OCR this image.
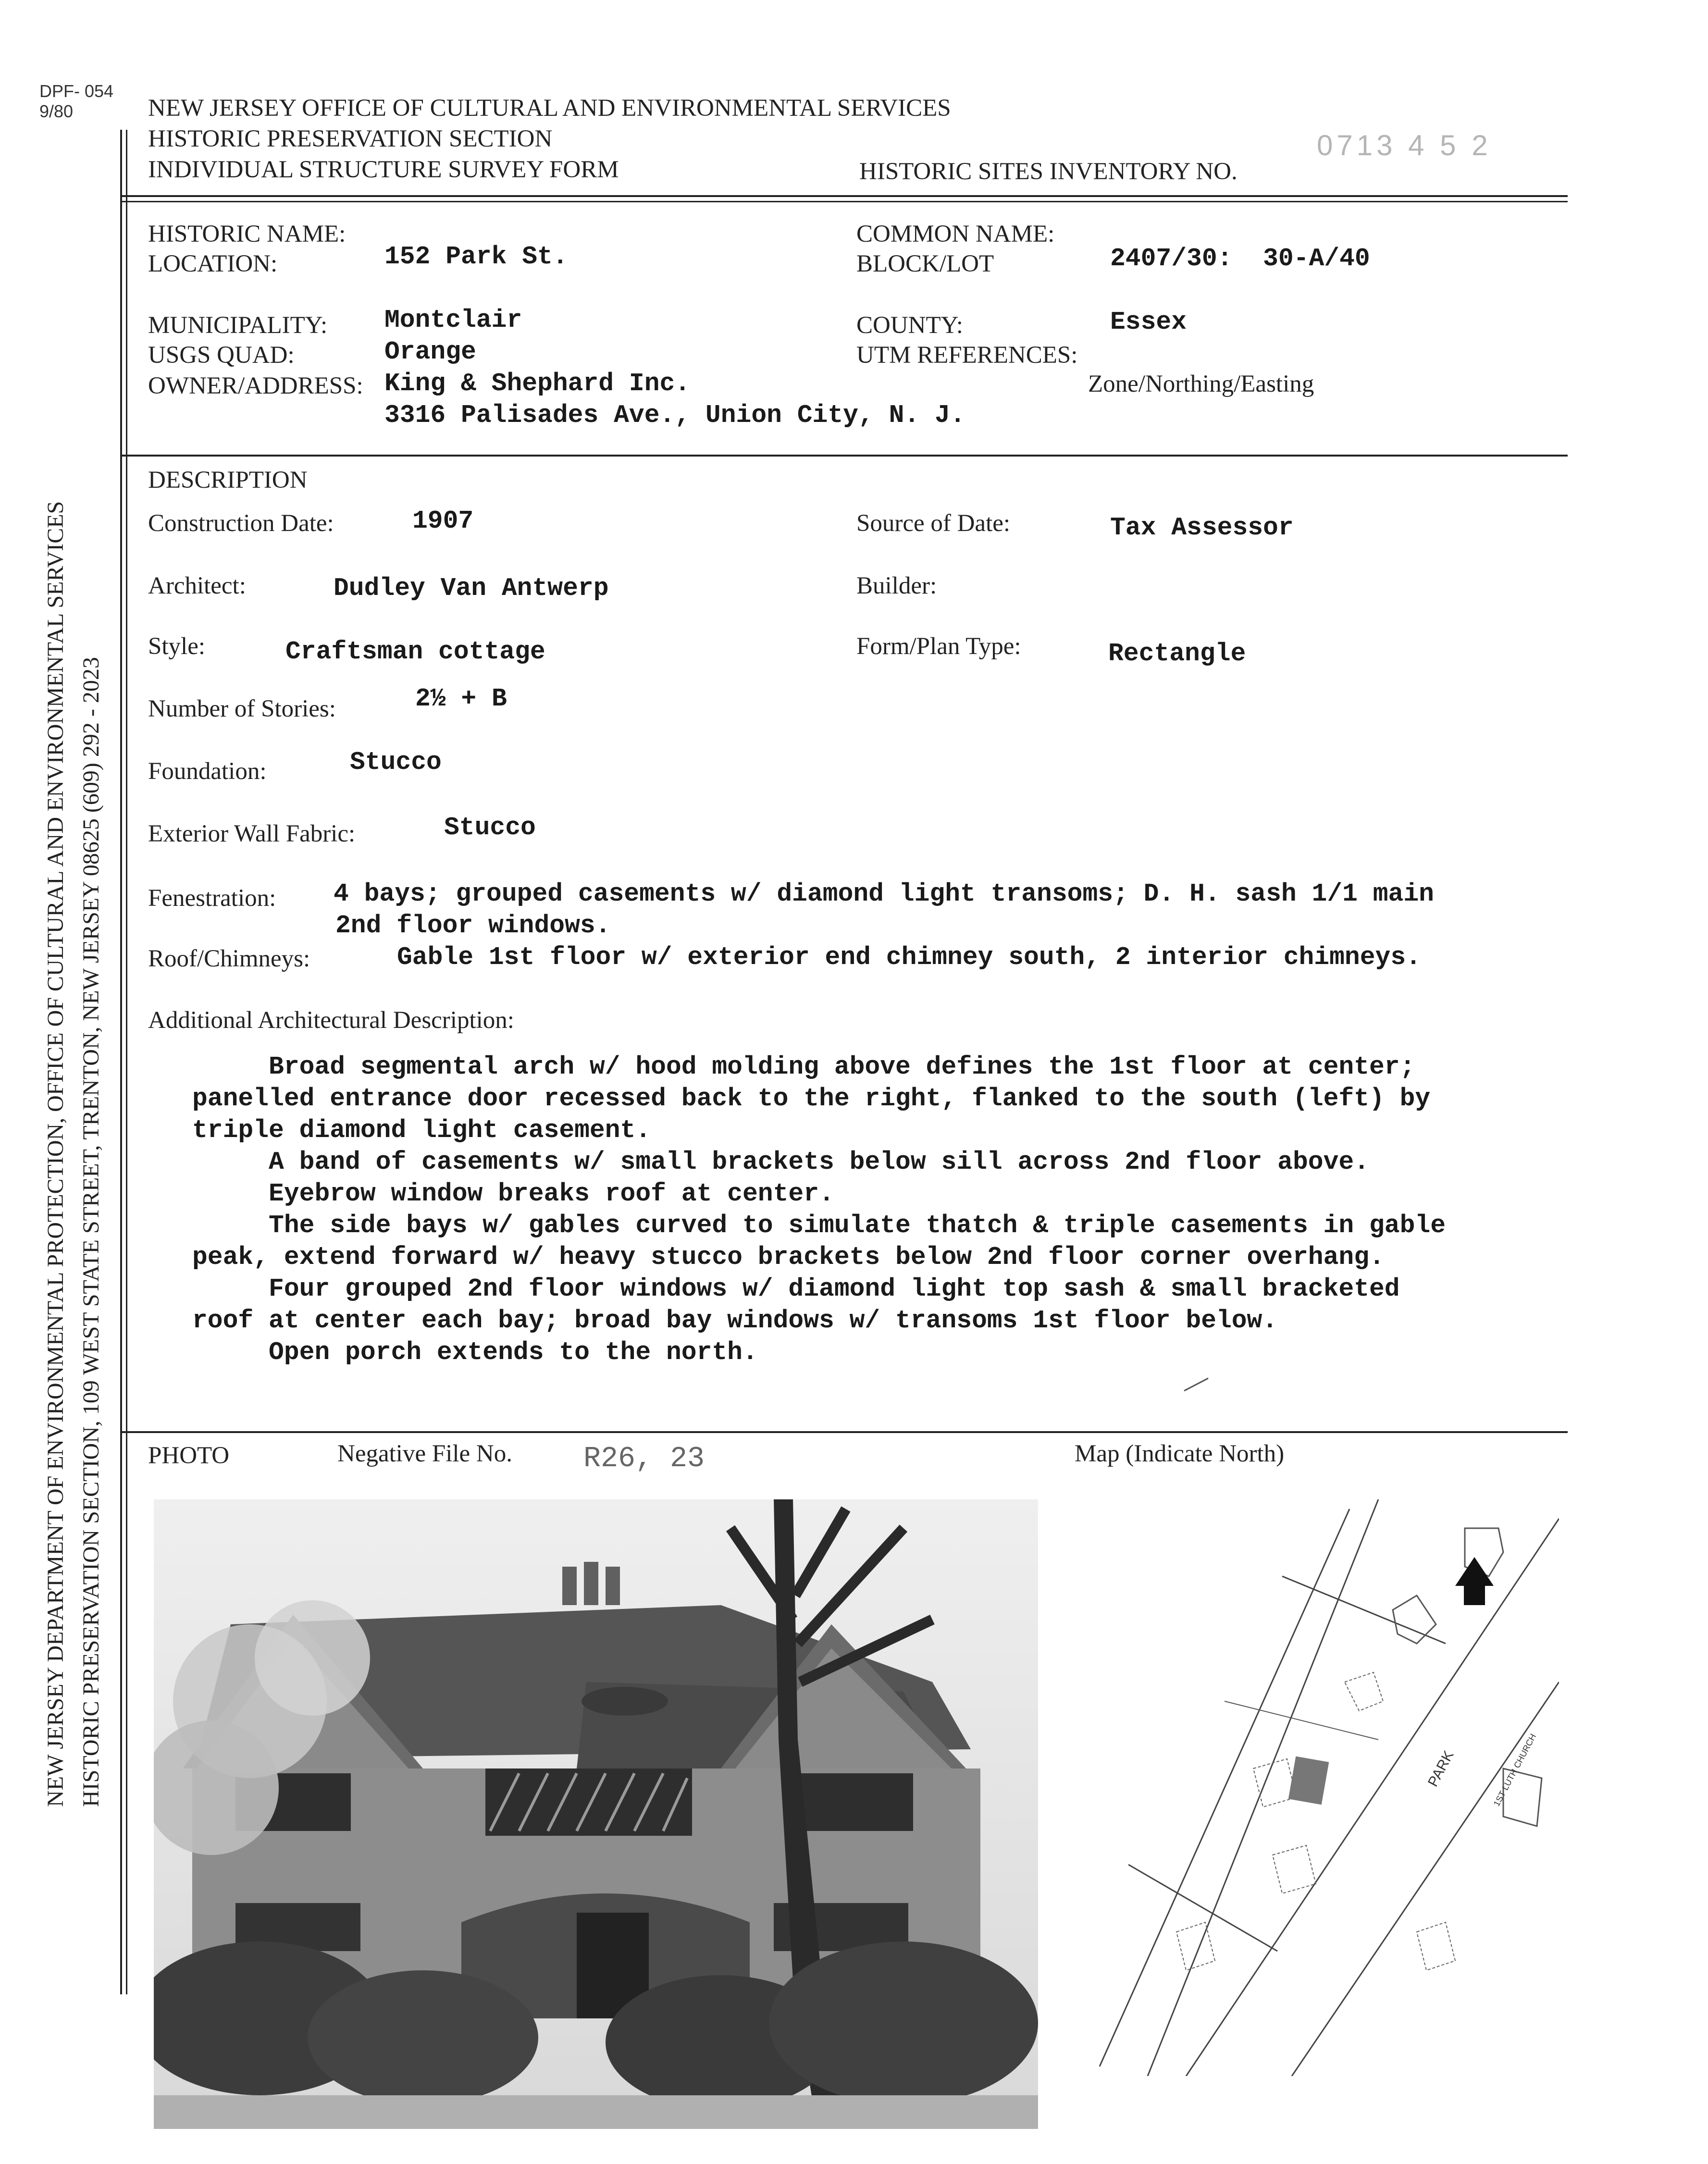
DPF- 054
9/80	NEW JERSEY OFFICE OF CULTURAL AND ENVIRONMENTAL SERVICES
HISTORIC PRESERVATION SECTION
INDIVIDUAL STRUCTURE SURVEY FORM	HISTORIC SITES INVENTORY NO.
0713 4 5 2
NEW JERSEY DEPARTMENT OF ENVIRONMENTAL PROTECTION, OFFICE OF CULTURAL AND ENVIRONMENTAL SERVICES HISTORIC PRESERVATION SECTION, 109 WEST STATE STREET, TRENTON, NEW JERSEY 08625 (609) 292 - 2023
HISTORIC NAME:
LOCATION:	152 Park St.
COMMON NAME:
BLOCK/LOT	2407/30:  30-A/40
MUNICIPALITY: Montclair
USGS QUAD:	Orange
OWNER/ADDRESS: King & Shephard Inc.
3316 Palisades Ave., Union City, N. J.
COUNTY:	Essex
UTM REFERENCES:
Zone/Northing/Easting
DESCRIPTION
Construction Date:	1907	Source of Date:	Tax Assessor
Architect:	Dudley Van Antwerp	Builder:
Style:	Craftsman cottage	Form/Plan Type:	Rectangle
Number of Stories:	2½ + B
Foundation:	Stucco
Exterior Wall Fabric:	Stucco
Fenestration: 4 bays; grouped casements w/ diamond light transoms; D. H. sash 1/1 main
2nd floor windows.
Roof/Chimneys:	Gable 1st floor w/ exterior end chimney south, 2 interior chimneys.
Additional Architectural Description:
Broad segmental arch w/ hood molding above defines the 1st floor at center;
panelled entrance door recessed back to the right, flanked to the south (left) by
triple diamond light casement.
A band of casements w/ small brackets below sill across 2nd floor above.
Eyebrow window breaks roof at center.
The side bays w/ gables curved to simulate thatch & triple casements in gable
peak, extend forward w/ heavy stucco brackets below 2nd floor corner overhang.
Four grouped 2nd floor windows w/ diamond light top sash & small bracketed
roof at center each bay; broad bay windows w/ transoms 1st floor below.
Open porch extends to the north.
PHOTO	Negative File No. R26, 23	Map (Indicate North)
PARK	1ST LUTH CHURCH
